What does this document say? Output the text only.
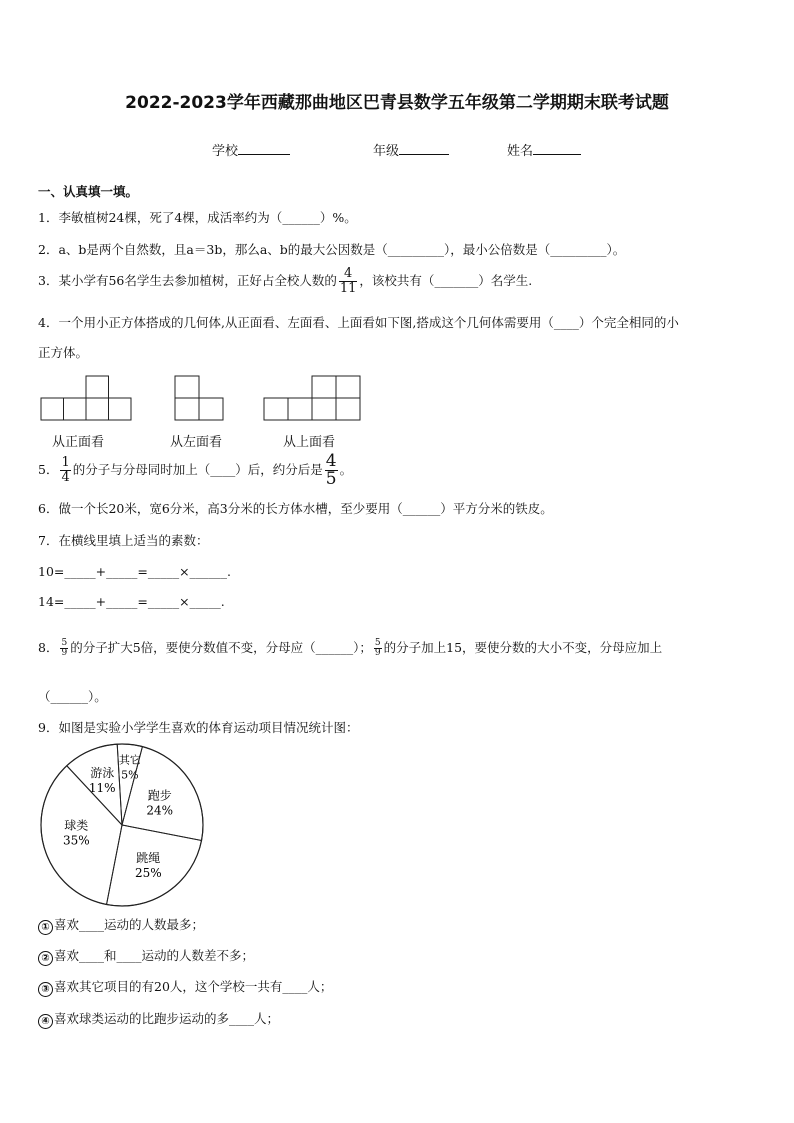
2022-2023学年西藏那曲地区巴青县数学五年级第二学期期末联考试题
学校	年级	姓名
一、认真填一填。
1．李敏植树24棵，死了4棵，成活率约为（______）%。
2．a、b是两个自然数，且a＝3b，那么a、b的最大公因数是（_________），最小公倍数是（_________）。
3．某小学有56名学生去参加植树，正好占全校人数的 $\frac{4}{11}$ ，该校共有（_______）名学生.
4．一个用小正方体搭成的几何体,从正面看、左面看、上面看如下图,搭成这个几何体需要用（____）个完全相同的小
正方体。
从正面看	从左面看	从上面看
5． $\frac{1}{4}$ 的分子与分母同时加上（____）后，约分后是 $\frac{4}{5}$ 。
6．做一个长20米，宽6分米，高3分米的长方体水槽，至少要用（______）平方分米的铁皮。
7．在横线里填上适当的素数：
10=_____+_____=_____×______.
14=_____+_____=_____×_____.
8． $\frac{5}{9}$ 的分子扩大5倍，要使分数值不变，分母应（______）； $\frac{5}{9}$ 的分子加上15，要使分数的大小不变，分母应加上
（______）。
9．如图是实验小学学生喜欢的体育运动项目情况统计图：
游泳
11%
其它
5%
跑步
24%
跳绳
25%
球类
35%
① 喜欢____运动的人数最多；
② 喜欢____和____运动的人数差不多；
③ 喜欢其它项目的有20人，这个学校一共有____人；
④ 喜欢球类运动的比跑步运动的多____人；
